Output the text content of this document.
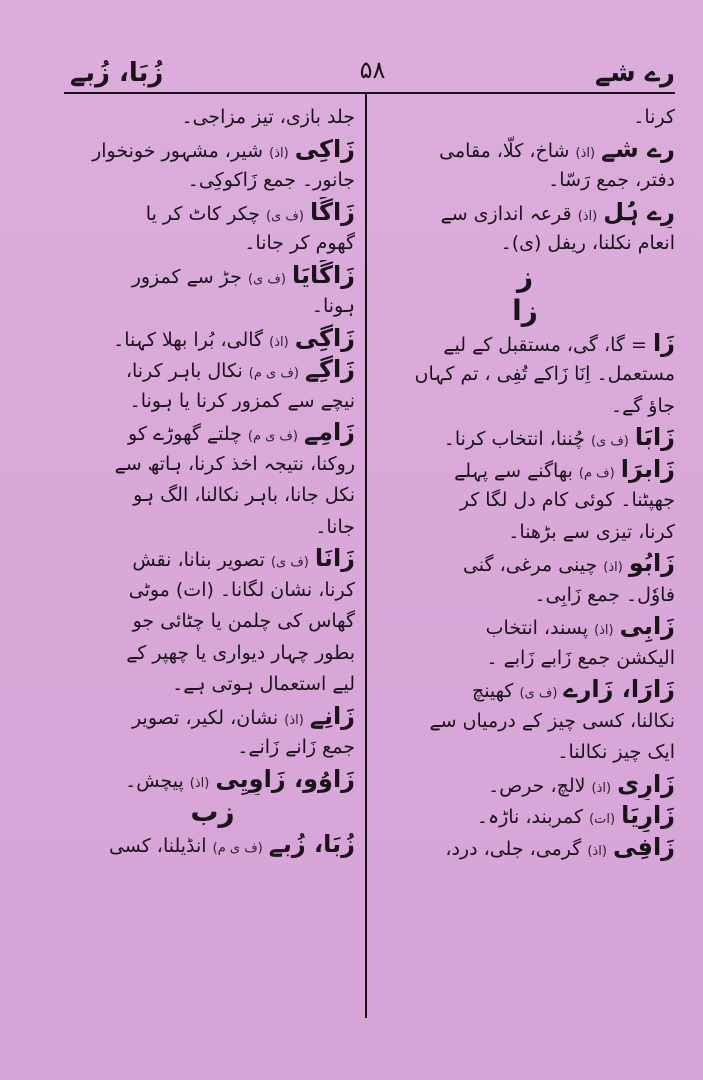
رے شے
۵۸
زُبَا، زُبے
کرنا۔
رے شے (اذ) شاخ، کلّا، مقامی
دفتر، جمع رَسّا۔
رِے ہُل (اذ) قرعہ اندازی سے
انعام نکلنا، ریفل (ی)۔
ز
زا
زَا = گا، گی، مستقبل کے لیے
مستعمل۔ اِنَا زَاکے تُفِی ، تم کہاں
جاؤ گے۔
زَابَا (ف ی) چُننا، انتخاب کرنا۔
زَابرَا (ف م) بھاگنے سے پہلے
جھپٹنا۔ کوئی کام دل لگا کر
کرنا، تیزی سے بڑھنا۔
زَابُو (اذ) چینی مرغی، گنی
فاوٗل۔ جمع زَابِی۔
زَابِی (اذ) پسند، انتخاب
الیکشن جمع زَابے زَابے ۔
زَارَا، زَارے (ف ی) کھینچ
نکالنا، کسی چیز کے درمیاں سے
ایک چیز نکالنا۔
زَارِی (اذ) لالچ، حرص۔
زَارِیَا (ات) کمربند، ناڑہ۔
زَافِی (اذ) گرمی، جلی، درد،
جلد بازی، تیز مزاجی۔
زَاکِی (اذ) شیر، مشہور خونخوار
جانور۔ جمع زَاکوکِی۔
زَاگَا (ف ی) چکر کاٹ کر یا
گھوم کر جانا۔
زَاگَایَا (ف ی) جڑ سے کمزور
ہونا۔
زَاگِی (اذ) گالی، بُرا بھلا کہنا۔
زَاگِے (ف ی م) نکال باہر کرنا،
نیچے سے کمزور کرنا یا ہونا۔
زَامِے (ف ی م) چلتے گھوڑے کو
روکنا، نتیجہ اخذ کرنا، ہاتھ سے
نکل جانا، باہر نکالنا، الگ ہو
جانا۔
زَانَا (ف ی) تصویر بنانا، نقش
کرنا، نشان لگانا۔ (ات) موٹی
گھاس کی چلمن یا چٹائی جو
بطور چہار دیواری یا چھپر کے
لیے استعمال ہوتی ہے۔
زَانِے (اذ) نشان، لکیر، تصویر
جمع زَانے زَانے۔
زَاوُو، زَاوِیِی (اذ) پیچش۔
زب
زُبَا، زُبے (ف ی م) انڈیلنا، کسی
